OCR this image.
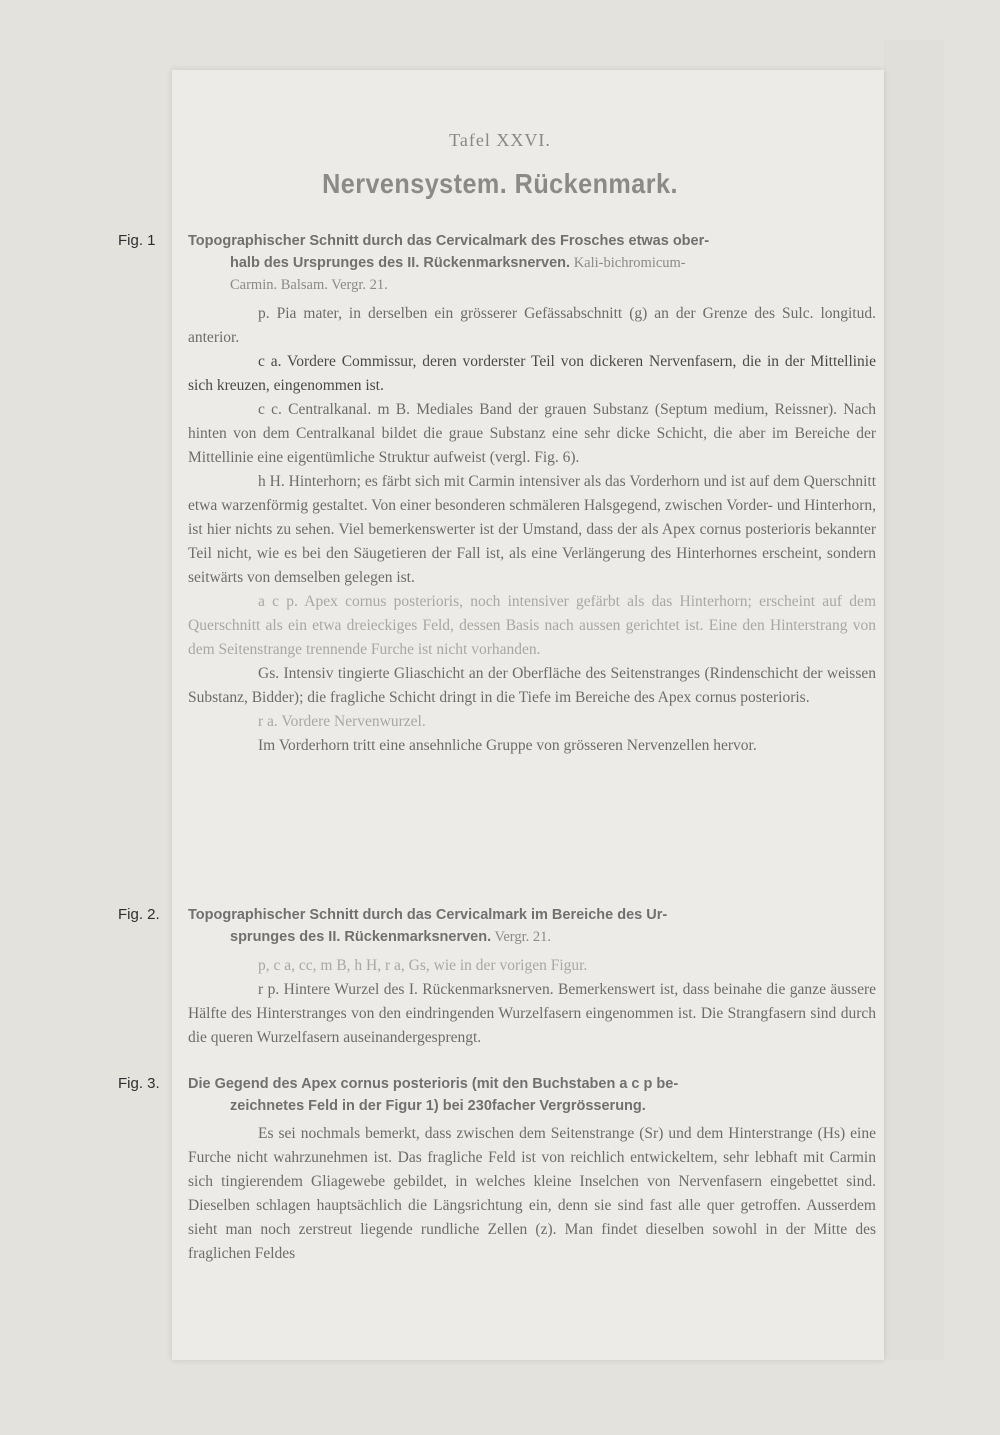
Tafel XXVI.
Nervensystem. Rückenmark.
Fig. 1 Topographischer Schnitt durch das Cervicalmark des Frosches etwas ober-
halb des Ursprunges des II. Rückenmarksnerven. Kali-bichromicum-
Carmin. Balsam. Vergr. 21.

p. Pia mater, in derselben ein grösserer Gefässabschnitt (g) an der Grenze des Sulc. longitud. anterior.

c a. Vordere Commissur, deren vorderster Teil von dickeren Nervenfasern, die in der Mittellinie sich kreuzen, eingenommen ist.

c c. Centralkanal. m B. Mediales Band der grauen Substanz (Septum medium, Reissner). Nach hinten von dem Centralkanal bildet die graue Substanz eine sehr dicke Schicht, die aber im Bereiche der Mittellinie eine eigentümliche Struktur aufweist (vergl. Fig. 6).

h H. Hinterhorn; es färbt sich mit Carmin intensiver als das Vorderhorn und ist auf dem Querschnitt etwa warzenförmig gestaltet. Von einer besonderen schmäleren Halsgegend, zwischen Vorder- und Hinterhorn, ist hier nichts zu sehen. Viel bemerkenswerter ist der Umstand, dass der als Apex cornus posterioris bekannter Teil nicht, wie es bei den Säugetieren der Fall ist, als eine Verlängerung des Hinterhornes erscheint, sondern seitwärts von demselben gelegen ist.

a c p. Apex cornus posterioris, noch intensiver gefärbt als das Hinterhorn; erscheint auf dem Querschnitt als ein etwa dreieckiges Feld, dessen Basis nach aussen gerichtet ist. Eine den Hinterstrang von dem Seitenstrange trennende Furche ist nicht vorhanden.

Gs. Intensiv tingierte Gliaschicht an der Oberfläche des Seitenstranges (Rindenschicht der weissen Substanz, Bidder); die fragliche Schicht dringt in die Tiefe im Bereiche des Apex cornus posterioris.

r a. Vordere Nervenwurzel.

Im Vorderhorn tritt eine ansehnliche Gruppe von grösseren Nervenzellen hervor.

Fig. 2. Topographischer Schnitt durch das Cervicalmark im Bereiche des Ur-
sprunges des II. Rückenmarksnerven. Vergr. 21.

p, c a, cc, m B, h H, r a, Gs, wie in der vorigen Figur.

r p. Hintere Wurzel des I. Rückenmarksnerven. Bemerkenswert ist, dass beinahe die ganze äussere Hälfte des Hinterstranges von den eindringenden Wurzelfasern eingenommen ist. Die Strangfasern sind durch die queren Wurzelfasern auseinandergesprengt.

Fig. 3. Die Gegend des Apex cornus posterioris (mit den Buchstaben a c p be-
zeichnetes Feld in der Figur 1) bei 230facher Vergrösserung.

Es sei nochmals bemerkt, dass zwischen dem Seitenstrange (Sr) und dem Hinterstrange (Hs) eine Furche nicht wahrzunehmen ist. Das fragliche Feld ist von reichlich entwickeltem, sehr lebhaft mit Carmin sich tingierendem Gliagewebe gebildet, in welches kleine Inselchen von Nervenfasern eingebettet sind. Dieselben schlagen hauptsächlich die Längsrichtung ein, denn sie sind fast alle quer getroffen. Ausserdem sieht man noch zerstreut liegende rundliche Zellen (z). Man findet dieselben sowohl in der Mitte des fraglichen Feldes
